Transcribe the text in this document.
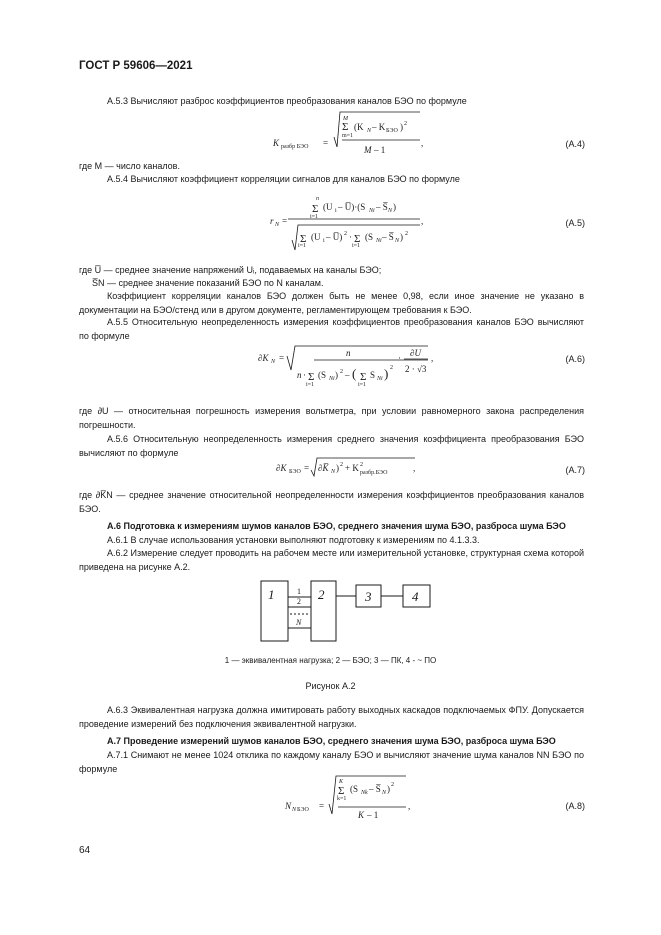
ГОСТ Р 59606—2021
А.5.3 Вычисляют разброс коэффициентов преобразования каналов БЭО по формуле
(А.4)
где М — число каналов.
А.5.4 Вычисляют коэффициент корреляции сигналов для каналов БЭО по формуле
(А.5)
где U̅ — среднее значение напряжений Uᵢ, подаваемых на каналы БЭО;
S̅N — среднее значение показаний БЭО по N каналам.
Коэффициент корреляции каналов БЭО должен быть не менее 0,98, если иное значение не указано в документации на БЭО/стенд или в другом документе, регламентирующем требования к БЭО.
А.5.5 Относительную неопределенность измерения коэффициентов преобразования каналов БЭО вычисляют по формуле
(А.6)
где ∂U — относительная погрешность измерения вольтметра, при условии равномерного закона распределения погрешности.
А.5.6 Относительную неопределенность измерения среднего значения коэффициента преобразования БЭО вычисляют по формуле
(А.7)
где ∂K̅N — среднее значение относительной неопределенности измерения коэффициентов преобразования каналов БЭО.
А.6 Подготовка к измерениям шумов каналов БЭО, среднего значения шума БЭО, разброса шума БЭО
А.6.1 В случае использования установки выполняют подготовку к измерениям по 4.1.3.3.
А.6.2 Измерение следует проводить на рабочем месте или измерительной установке, структурная схема которой приведена на рисунке А.2.
1	2	3	4
1
2
N
1 — эквивалентная нагрузка; 2 — БЭО; 3 — ПК, 4 - ~ ПО
Рисунок А.2
А.6.3 Эквивалентная нагрузка должна имитировать работу выходных каскадов подключаемых ФПУ. Допускается проведение измерений без подключения эквивалентной нагрузки.
А.7 Проведение измерений шумов каналов БЭО, среднего значения шума БЭО, разброса шума БЭО
А.7.1 Снимают не менее 1024 отклика по каждому каналу БЭО и вычисляют значение шума каналов NN БЭО по формуле
(А.8)
64
K разбр БЭО =
M
Σ
m=1
(K N – K БЭО ) 2
M – 1
,
r N =
n
Σ
i=1
(U i – U̅)·(S Ni – S̅ N )
Σ
i=1
(U i – U̅) 2 · Σ
i=1
(S Ni – S̅ N ) 2
,
∂K N =	n
n · Σ
i=1
(S Ni ) 2 – ( Σ
i=1
S Ni ) 2
· ∂U
2 · √3
,
∂K БЭО = ∂K̅ N ) 2 + K 2
разбр.БЭО	,
N N БЭО =
K
Σ
k=1
(S Nk – S̅ N ) 2
K – 1
,
